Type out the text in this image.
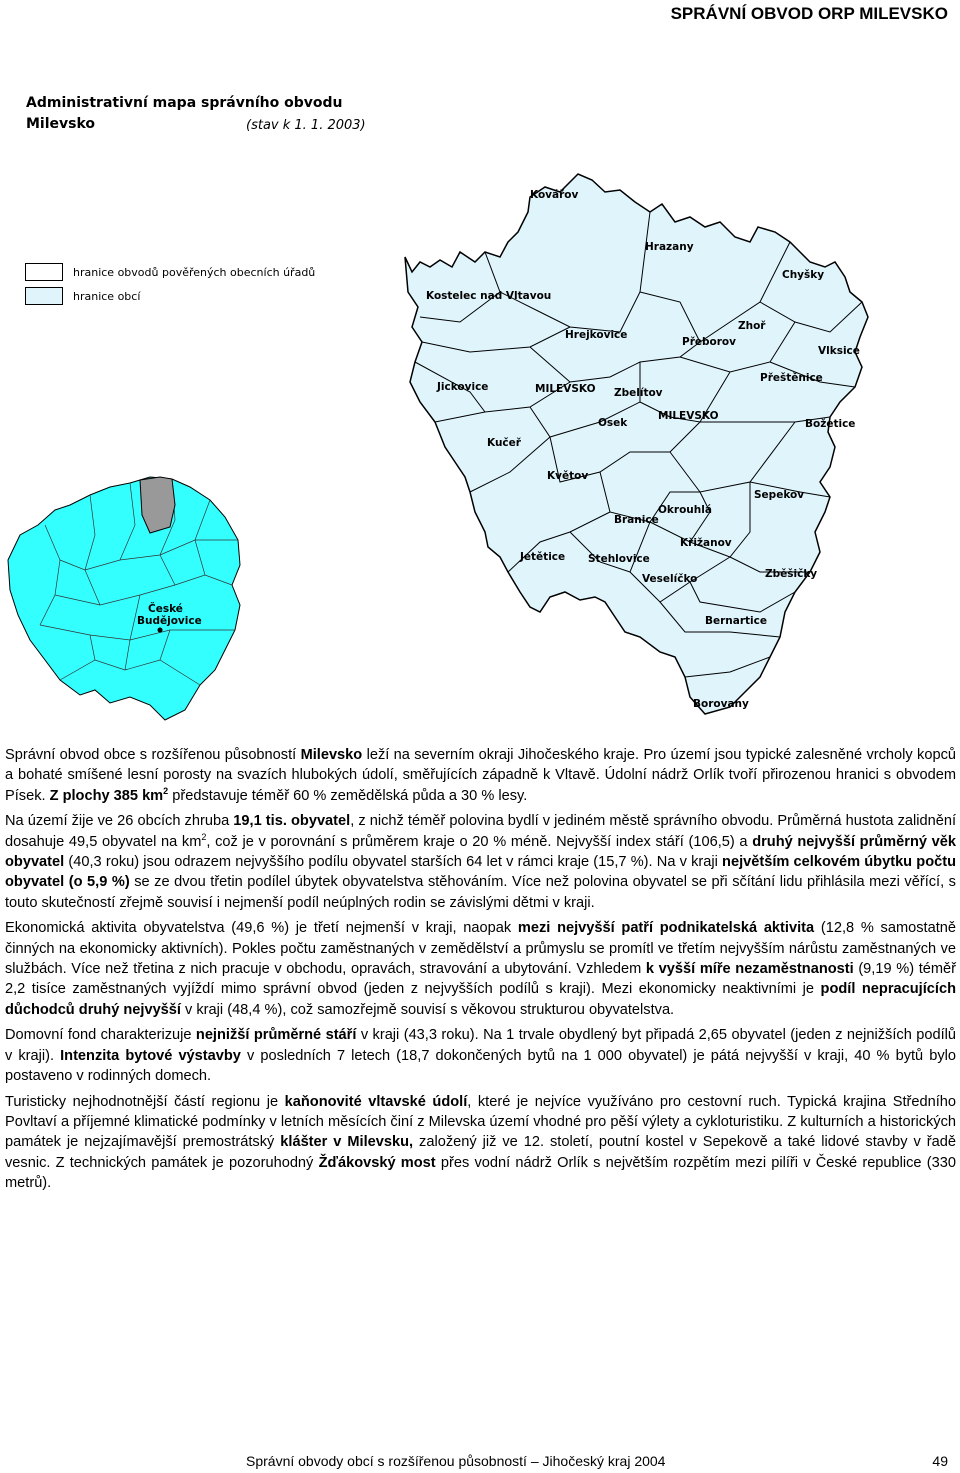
SPRÁVNÍ OBVOD ORP MILEVSKO
Administrativní mapa správního obvodu
Milevsko	(stav k 1. 1. 2003)
hranice obvodů pověřených obecních úřadů
hranice obcí
České
Budějovice
Kovářov
Hrazany
Chyšky
Kostelec nad Vltavou
Zhoř
Hrejkovice
Přeborov
Vlksice
Přeštěnice
Jickovice	MILEVSKO Zbelítov
Osek
MILEVSKO
Božetice
Kučeř
Květov
Sepekov
Okrouhlá
Branice
Křižanov
Jetětice Stehlovice
Veselíčko	Zběšičky
Bernartice
Borovany

Správní obvod obce s rozšířenou působností Milevsko leží na severním okraji Jihočeského kraje. Pro území jsou typické zalesněné vrcholy kopců a bohaté smíšené lesní porosty na svazích hlubokých údolí, směřujících západně k Vltavě. Údolní nádrž Orlík tvoří přirozenou hranici s obvodem Písek. Z plochy 385 $km^2$ představuje téměř 60 % zemědělská půda a 30 % lesy.

Na území žije ve 26 obcích zhruba 19,1 tis. obyvatel, z nichž téměř polovina bydlí v jediném městě správního obvodu. Průměrná hustota zalidnění dosahuje 49,5 obyvatel na $km^2$, což je v porovnání s průměrem kraje o 20 % méně. Nejvyšší index stáří (106,5) a druhý nejvyšší průměrný věk obyvatel (40,3 roku) jsou odrazem nejvyššího podílu obyvatel starších 64 let v rámci kraje (15,7 %). Na v kraji největším celkovém úbytku počtu obyvatel (o 5,9 %) se ze dvou třetin podílel úbytek obyvatelstva stěhováním. Více než polovina obyvatel se při sčítání lidu přihlásila mezi věřící, s touto skutečností zřejmě souvisí i nejmenší podíl neúplných rodin se závislými dětmi v kraji.

Ekonomická aktivita obyvatelstva (49,6 %) je třetí nejmenší v kraji, naopak mezi nejvyšší patří podnikatelská aktivita (12,8 % samostatně činných na ekonomicky aktivních). Pokles počtu zaměstnaných v zemědělství a průmyslu se promítl ve třetím nejvyšším nárůstu zaměstnaných ve službách. Více než třetina z nich pracuje v obchodu, opravách, stravování a ubytování. Vzhledem k vyšší míře nezaměstnanosti (9,19 %) téměř 2,2 tisíce zaměstnaných vyjíždí mimo správní obvod (jeden z nejvyšších podílů s kraji). Mezi ekonomicky neaktivními je podíl nepracujících důchodců druhý nejvyšší v kraji (48,4 %), což samozřejmě souvisí s věkovou strukturou obyvatelstva.

Domovní fond charakterizuje nejnižší průměrné stáří v kraji (43,3 roku). Na 1 trvale obydlený byt připadá 2,65 obyvatel (jeden z nejnižších podílů v kraji). Intenzita bytové výstavby v posledních 7 letech (18,7 dokončených bytů na 1 000 obyvatel) je pátá nejvyšší v kraji, 40 % bytů bylo postaveno v rodinných domech.

Turisticky nejhodnotnější částí regionu je kaňonovité vltavské údolí, které je nejvíce využíváno pro cestovní ruch. Typická krajina Středního Povltaví a příjemné klimatické podmínky v letních měsících činí z Milevska území vhodné pro pěší výlety a cykloturistiku. Z kulturních a historických památek je nejzajímavější premostrátský klášter v Milevsku, založený již ve 12. století, poutní kostel v Sepekově a také lidové stavby v řadě vesnic. Z technických památek je pozoruhodný Žďákovský most přes vodní nádrž Orlík s největším rozpětím mezi pilíři v České republice (330 metrů).

Správní obvody obcí s rozšířenou působností – Jihočeský kraj 2004	49
